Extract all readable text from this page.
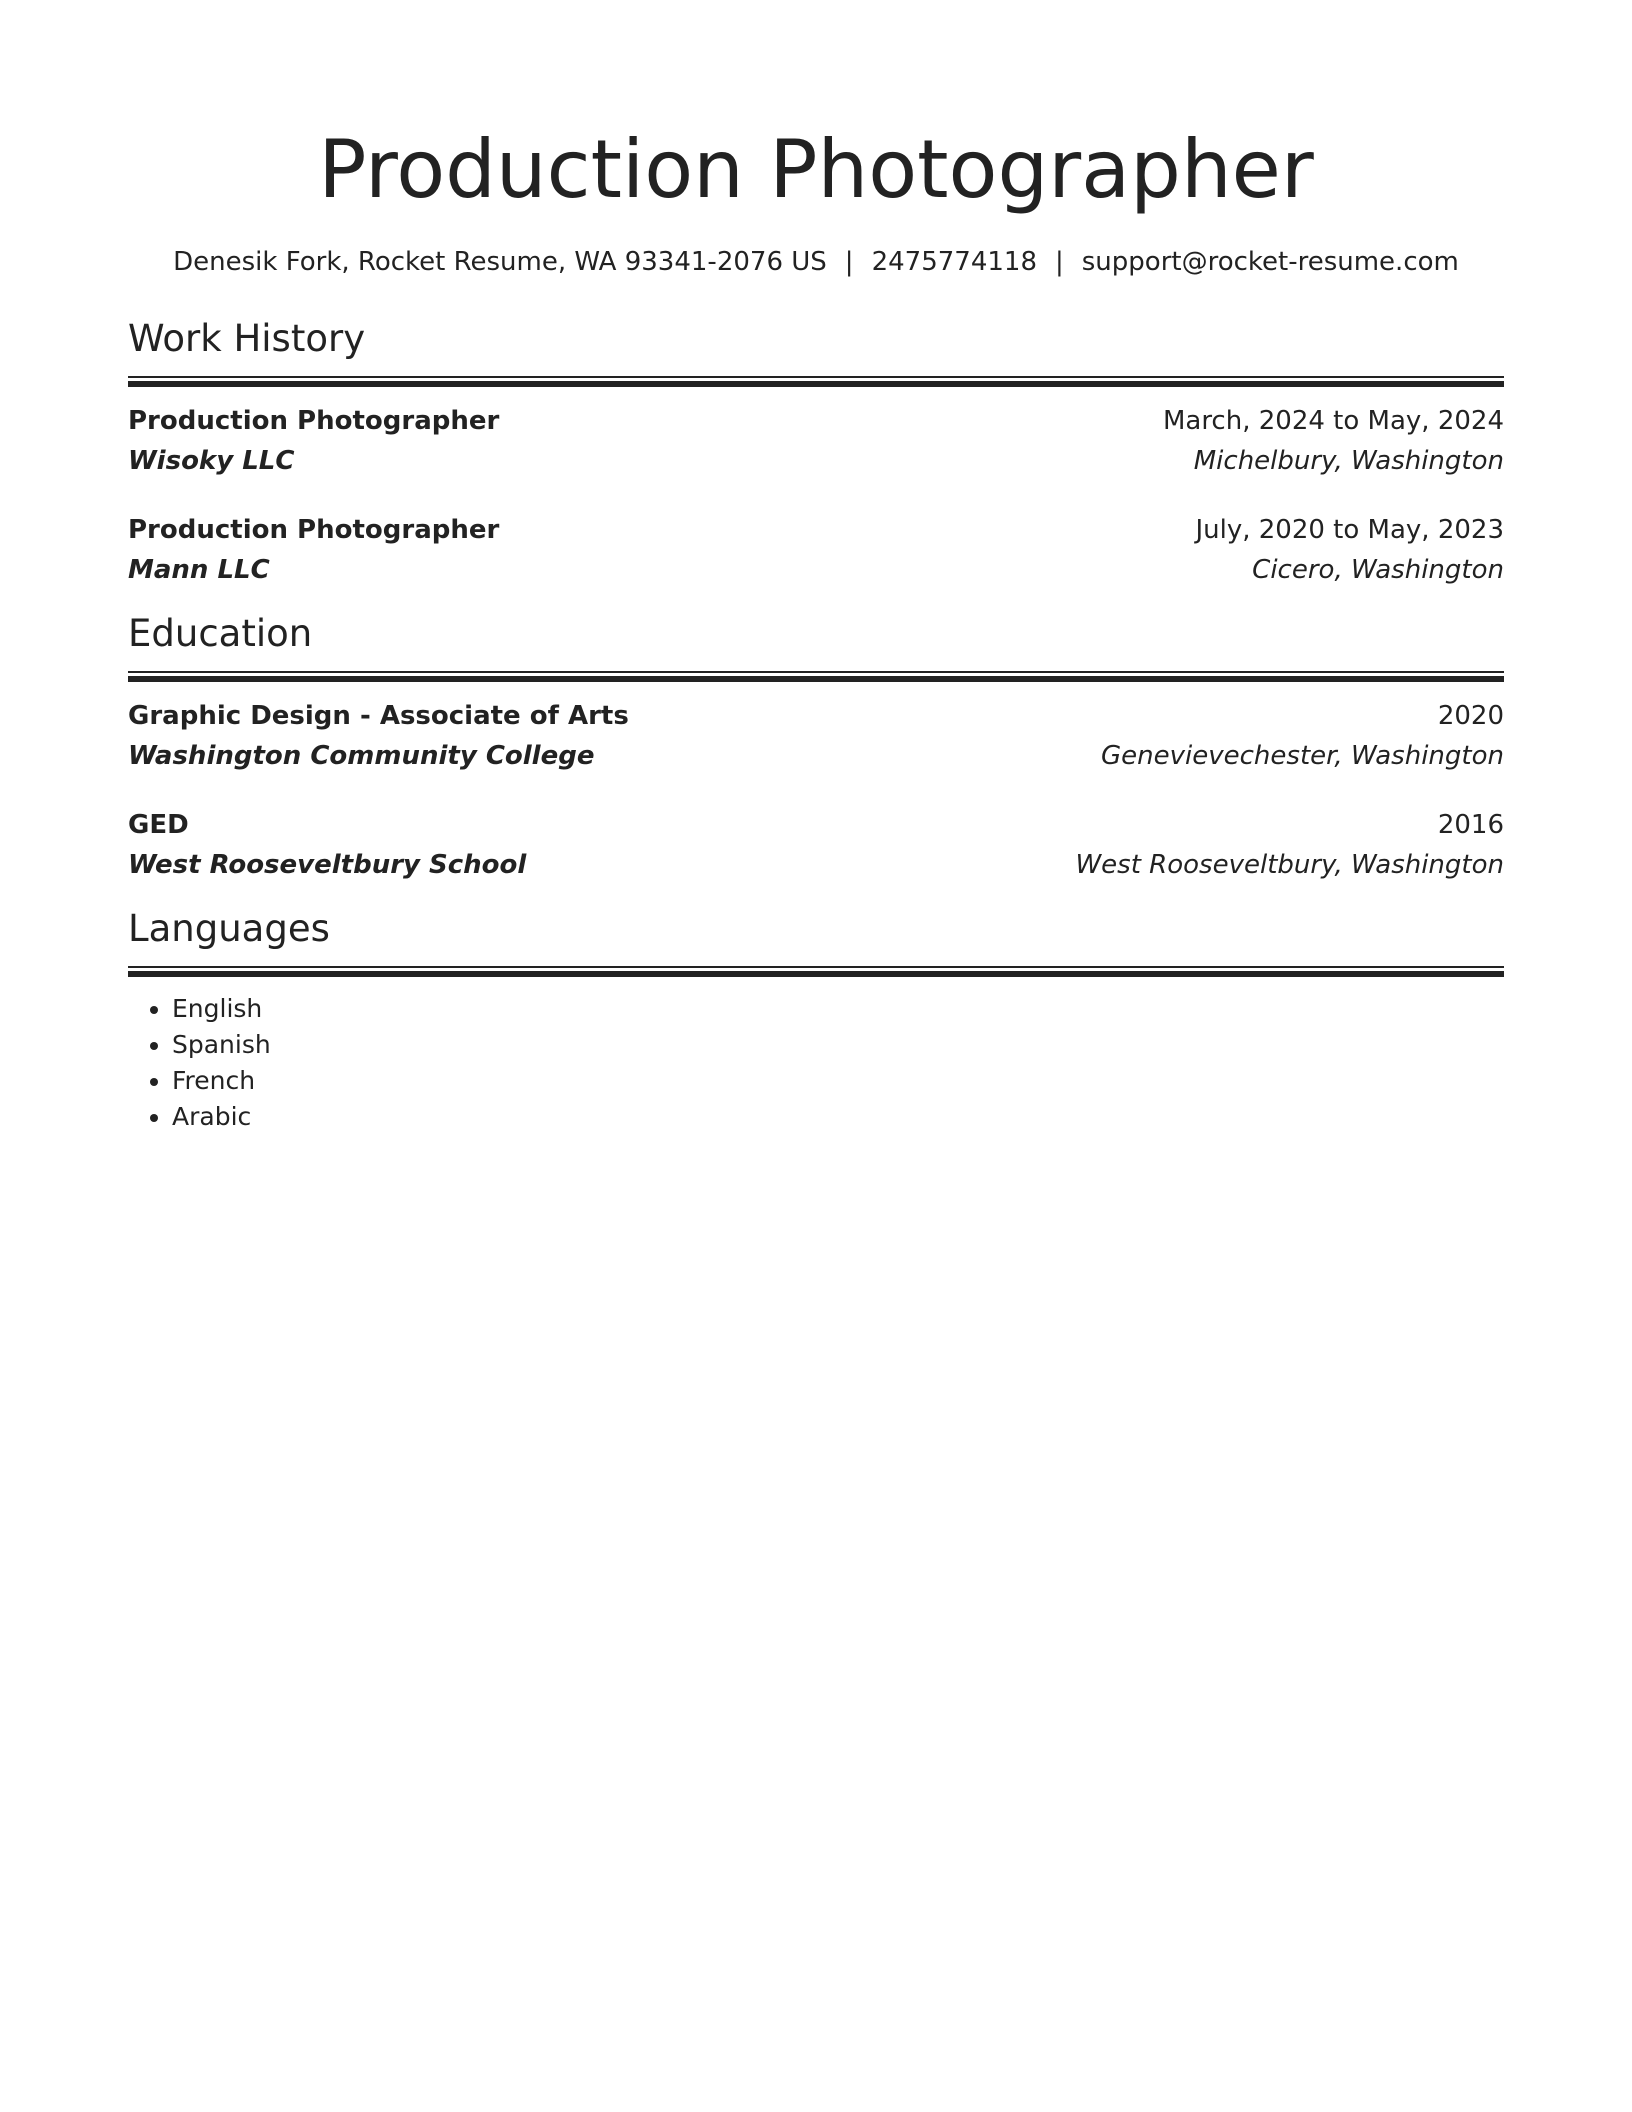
Production Photographer
Denesik Fork, Rocket Resume, WA 93341-2076 US | 2475774118 | support@rocket-resume.com
Work History
Production Photographer	March, 2024 to May, 2024
Wisoky LLC	Michelbury, Washington
Production Photographer	July, 2020 to May, 2023
Mann LLC	Cicero, Washington
Education
Graphic Design - Associate of Arts	2020
Washington Community College	Genevievechester, Washington
GED	2016
West Rooseveltbury School	West Rooseveltbury, Washington
Languages
• English
• Spanish
• French
• Arabic
